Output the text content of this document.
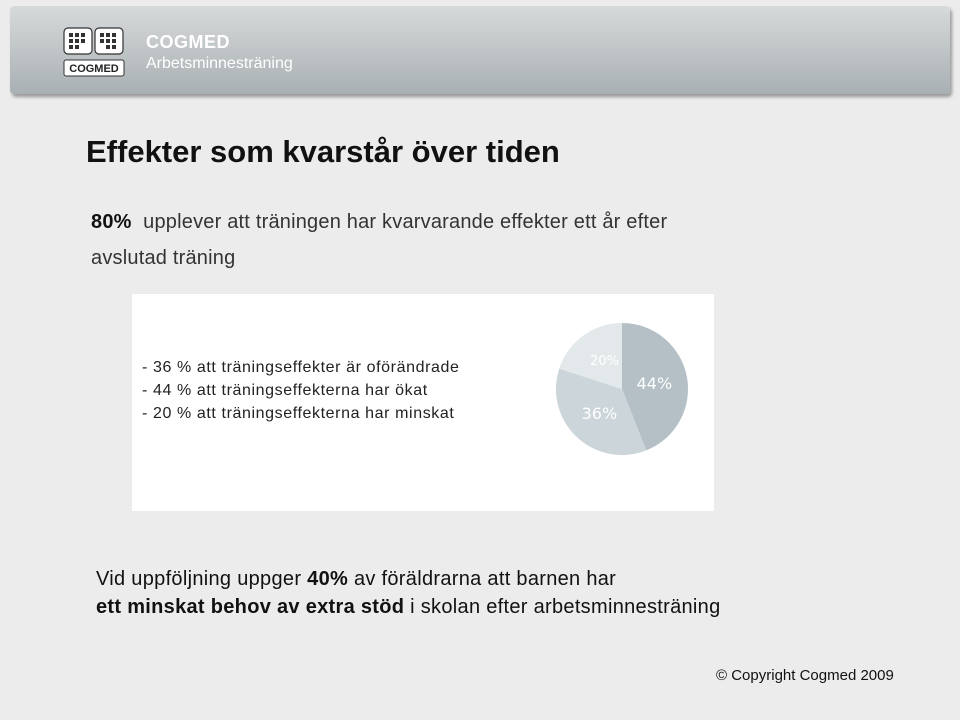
COGMED
COGMED
Arbetsminnesträning
Effekter som kvarstår över tiden
80% upplever att träningen har kvarvarande effekter ett år efter
avslutad träning
- 36 % att träningseffekter är oförändrade
- 44 % att träningseffekterna har ökat
- 20 % att träningseffekterna har minskat
44%
36%
20%
Vid uppföljning uppger 40% av föräldrarna att barnen har
ett minskat behov av extra stöd i skolan efter arbetsminnesträning
© Copyright Cogmed 2009
